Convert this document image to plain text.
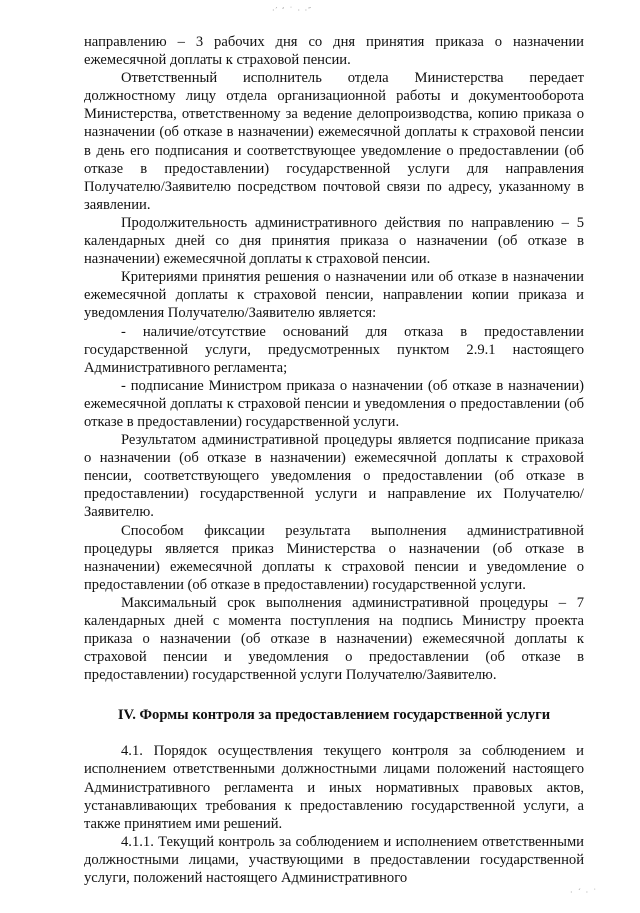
·′ ‘ ˙ · ·″

направлению – 3 рабочих дня со дня принятия приказа о назначении ежемесячной доплаты к страховой пенсии.

Ответственный исполнитель отдела Министерства передает должностному лицу отдела организационной работы и документооборота Министерства, ответственному за ведение делопроизводства, копию приказа о назначении (об отказе в назначении) ежемесячной доплаты к страховой пенсии в день его подписания и соответствующее уведомление о предоставлении (об отказе в предоставлении) государственной услуги для направления Получателю/Заявителю посредством почтовой связи по адресу, указанному в заявлении.

Продолжительность административного действия по направлению – 5 календарных дней со дня принятия приказа о назначении (об отказе в назначении) ежемесячной доплаты к страховой пенсии.

Критериями принятия решения о назначении или об отказе в назначении ежемесячной доплаты к страховой пенсии, направлении копии приказа и уведомления Получателю/Заявителю является:

- наличие/отсутствие оснований для отказа в предоставлении государственной услуги, предусмотренных пунктом 2.9.1 настоящего Административного регламента;

- подписание Министром приказа о назначении (об отказе в назначении) ежемесячной доплаты к страховой пенсии и уведомления о предоставлении (об отказе в предоставлении) государственной услуги.

Результатом административной процедуры является подписание приказа о назначении (об отказе в назначении) ежемесячной доплаты к страховой пенсии, соответствующего уведомления о предоставлении (об отказе в предоставлении) государственной услуги и направление их Получателю/Заявителю.

Способом фиксации результата выполнения административной процедуры является приказ Министерства о назначении (об отказе в назначении) ежемесячной доплаты к страховой пенсии и уведомление о предоставлении (об отказе в предоставлении) государственной услуги.

Максимальный срок выполнения административной процедуры – 7 календарных дней с момента поступления на подпись Министру проекта приказа о назначении (об отказе в назначении) ежемесячной доплаты к страховой пенсии и уведомления о предоставлении (об отказе в предоставлении) государственной услуги Получателю/Заявителю.

IV. Формы контроля за предоставлением государственной услуги

4.1. Порядок осуществления текущего контроля за соблюдением и исполнением ответственными должностными лицами положений настоящего Административного регламента и иных нормативных правовых актов, устанавливающих требования к предоставлению государственной услуги, а также принятием ими решений.

4.1.1. Текущий контроль за соблюдением и исполнением ответственными должностными лицами, участвующими в предоставлении государственной услуги, положений настоящего Административного

· ´ · ˙
